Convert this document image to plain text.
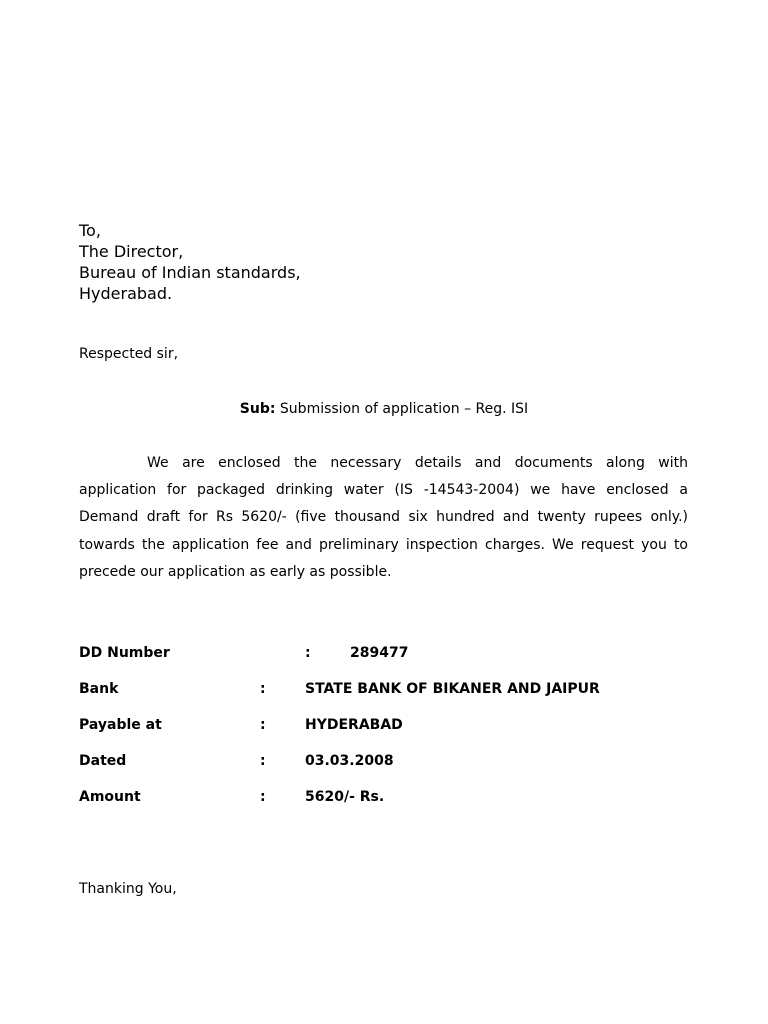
To,
The Director,
Bureau of Indian standards,
Hyderabad.
Respected sir,
Sub: Submission of application – Reg. ISI

We are enclosed the necessary details and documents along with application for packaged drinking water (IS -14543-2004) we have enclosed a Demand draft for Rs 5620/- (five thousand six hundred and twenty rupees only.) towards the application fee and preliminary inspection charges. We request you to precede our application as early as possible.

DD Number	:	289477
Bank	:	STATE BANK OF BIKANER AND JAIPUR
Payable at	:	HYDERABAD
Dated	:	03.03.2008
Amount	:	5620/- Rs.
Thanking You,
